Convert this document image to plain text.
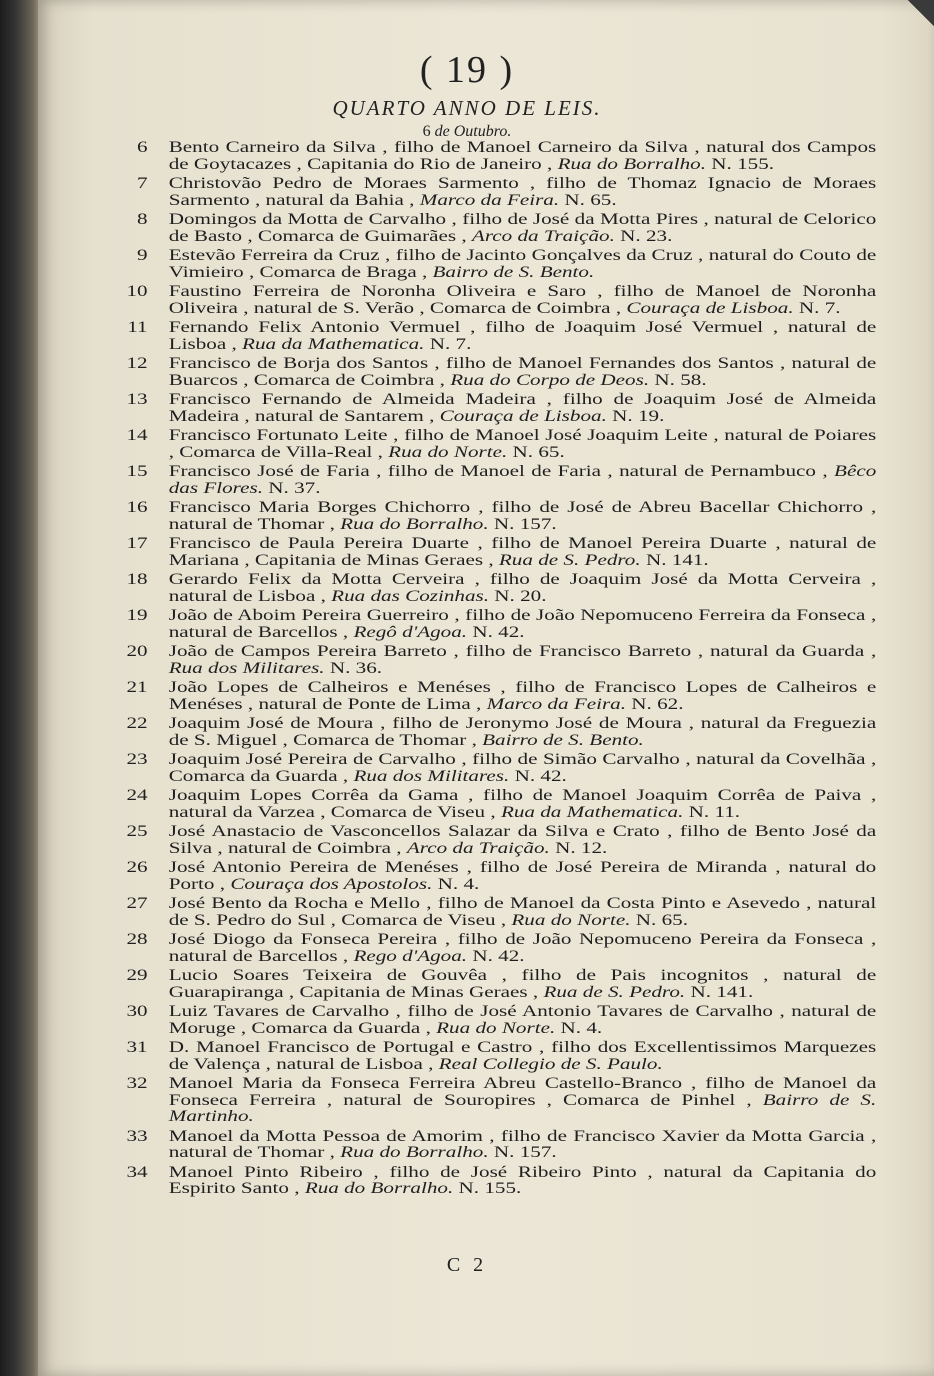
( 19 )
QUARTO ANNO DE LEIS.
6 de Outubro.
6 Bento Carneiro da Silva , filho de Manoel Carneiro da Silva , natural dos Campos de Goytacazes , Capitania do Rio de Janeiro , Rua do Borralho. N. 155.
7 Christovão Pedro de Moraes Sarmento , filho de Thomaz Ignacio de Moraes Sarmento , natural da Bahia , Marco da Feira. N. 65.
8 Domingos da Motta de Carvalho , filho de José da Motta Pires , natural de Celorico de Basto , Comarca de Guimarães , Arco da Traição. N. 23.
9 Estevão Ferreira da Cruz , filho de Jacinto Gonçalves da Cruz , natural do Couto de Vimieiro , Comarca de Braga , Bairro de S. Bento.
10 Faustino Ferreira de Noronha Oliveira e Saro , filho de Manoel de Noronha Oliveira , natural de S. Verão , Comarca de Coimbra , Couraça de Lisboa. N. 7.
11 Fernando Felix Antonio Vermuel , filho de Joaquim José Vermuel , natural de Lisboa , Rua da Mathematica. N. 7.
12 Francisco de Borja dos Santos , filho de Manoel Fernandes dos Santos , natural de Buarcos , Comarca de Coimbra , Rua do Corpo de Deos. N. 58.
13 Francisco Fernando de Almeida Madeira , filho de Joaquim José de Almeida Madeira , natural de Santarem , Couraça de Lisboa. N. 19.
14 Francisco Fortunato Leite , filho de Manoel José Joaquim Leite , natural de Poiares , Comarca de Villa-Real , Rua do Norte. N. 65.
15 Francisco José de Faria , filho de Manoel de Faria , natural de Pernambuco , Bêco das Flores. N. 37.
16 Francisco Maria Borges Chichorro , filho de José de Abreu Bacellar Chichorro , natural de Thomar , Rua do Borralho. N. 157.
17 Francisco de Paula Pereira Duarte , filho de Manoel Pereira Duarte , natural de Mariana , Capitania de Minas Geraes , Rua de S. Pedro. N. 141.
18 Gerardo Felix da Motta Cerveira , filho de Joaquim José da Motta Cerveira , natural de Lisboa , Rua das Cozinhas. N. 20.
19 João de Aboim Pereira Guerreiro , filho de João Nepomuceno Ferreira da Fonseca , natural de Barcellos , Regô d'Agoa. N. 42.
20 João de Campos Pereira Barreto , filho de Francisco Barreto , natural da Guarda , Rua dos Militares. N. 36.
21 João Lopes de Calheiros e Menéses , filho de Francisco Lopes de Calheiros e Menéses , natural de Ponte de Lima , Marco da Feira. N. 62.
22 Joaquim José de Moura , filho de Jeronymo José de Moura , natural da Freguezia de S. Miguel , Comarca de Thomar , Bairro de S. Bento.
23 Joaquim José Pereira de Carvalho , filho de Simão Carvalho , natural da Covelhãa , Comarca da Guarda , Rua dos Militares. N. 42.
24 Joaquim Lopes Corrêa da Gama , filho de Manoel Joaquim Corrêa de Paiva , natural da Varzea , Comarca de Viseu , Rua da Mathematica. N. 11.
25 José Anastacio de Vasconcellos Salazar da Silva e Crato , filho de Bento José da Silva , natural de Coimbra , Arco da Traição. N. 12.
26 José Antonio Pereira de Menéses , filho de José Pereira de Miranda , natural do Porto , Couraça dos Apostolos. N. 4.
27 José Bento da Rocha e Mello , filho de Manoel da Costa Pinto e Asevedo , natural de S. Pedro do Sul , Comarca de Viseu , Rua do Norte. N. 65.
28 José Diogo da Fonseca Pereira , filho de João Nepomuceno Pereira da Fonseca , natural de Barcellos , Rego d'Agoa. N. 42.
29 Lucio Soares Teixeira de Gouvêa , filho de Pais incognitos , natural de Guarapiranga , Capitania de Minas Geraes , Rua de S. Pedro. N. 141.
30 Luiz Tavares de Carvalho , filho de José Antonio Tavares de Carvalho , natural de Moruge , Comarca da Guarda , Rua do Norte. N. 4.
31 D. Manoel Francisco de Portugal e Castro , filho dos Excellentissimos Marquezes de Valença , natural de Lisboa , Real Collegio de S. Paulo.
32 Manoel Maria da Fonseca Ferreira Abreu Castello-Branco , filho de Manoel da Fonseca Ferreira , natural de Souropires , Comarca de Pinhel , Bairro de S. Martinho.
33 Manoel da Motta Pessoa de Amorim , filho de Francisco Xavier da Motta Garcia , natural de Thomar , Rua do Borralho. N. 157.
34 Manoel Pinto Ribeiro , filho de José Ribeiro Pinto , natural da Capitania do Espirito Santo , Rua do Borralho. N. 155.
C 2
